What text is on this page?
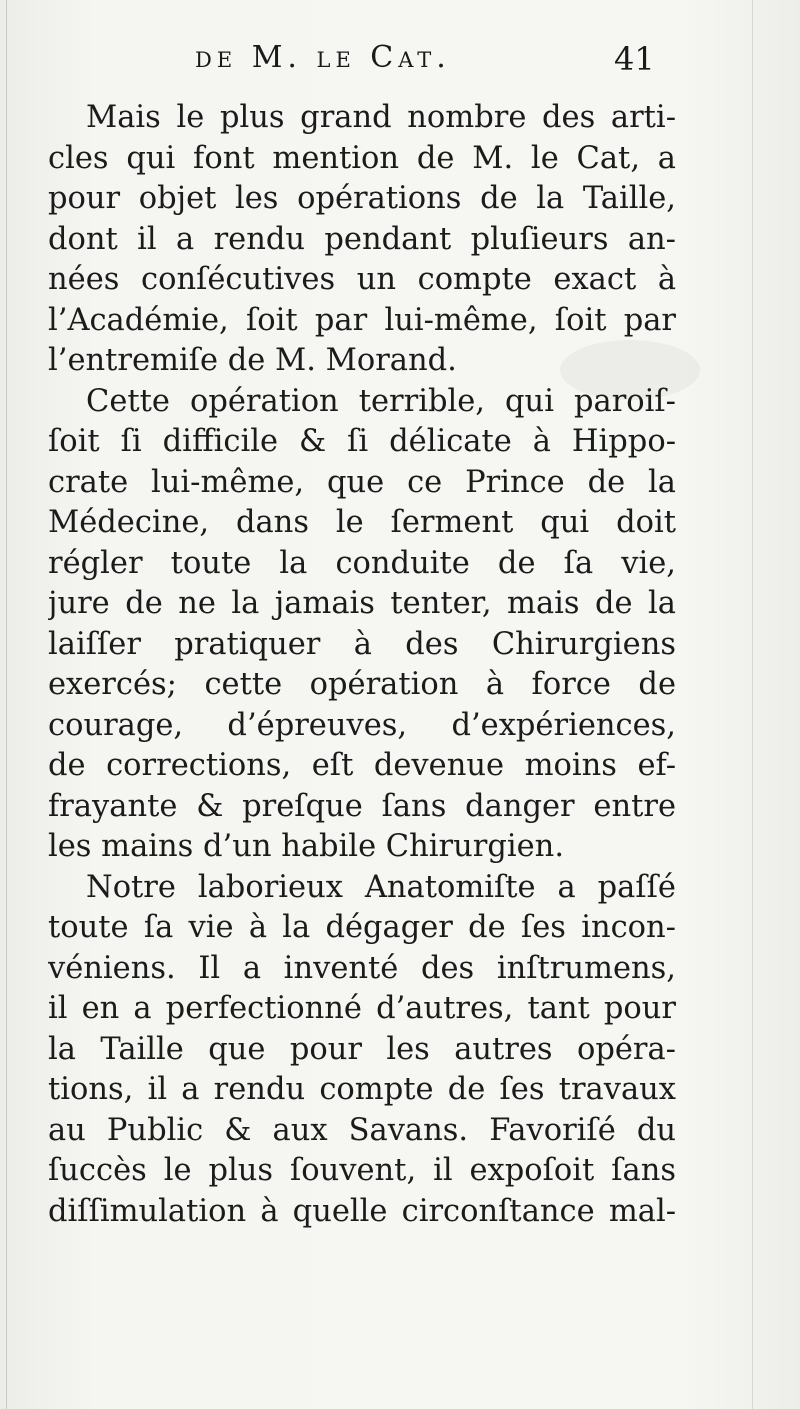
de M. le Cat.	41
Mais le plus grand nombre des arti-
cles qui font mention de M. le Cat, a
pour objet les opérations de la Taille,
dont il a rendu pendant pluſieurs an-
nées conſécutives un compte exact à
l’Académie, ſoit par lui-même, ſoit par
l’entremiſe de M. Morand.
Cette opération terrible, qui paroiſ-
ſoit ſi difficile & ſi délicate à Hippo-
crate lui-même, que ce Prince de la
Médecine, dans le ſerment qui doit
régler toute la conduite de ſa vie,
jure de ne la jamais tenter, mais de la
laiſſer pratiquer à des Chirurgiens
exercés; cette opération à force de
courage, d’épreuves, d’expériences,
de corrections, eſt devenue moins ef-
frayante & preſque ſans danger entre
les mains d’un habile Chirurgien.
Notre laborieux Anatomiſte a paſſé
toute ſa vie à la dégager de ſes incon-
véniens. Il a inventé des inſtrumens,
il en a perfectionné d’autres, tant pour
la Taille que pour les autres opéra-
tions, il a rendu compte de ſes travaux
au Public & aux Savans. Favoriſé du
ſuccès le plus ſouvent, il expoſoit ſans
diſſimulation à quelle circonſtance mal-
